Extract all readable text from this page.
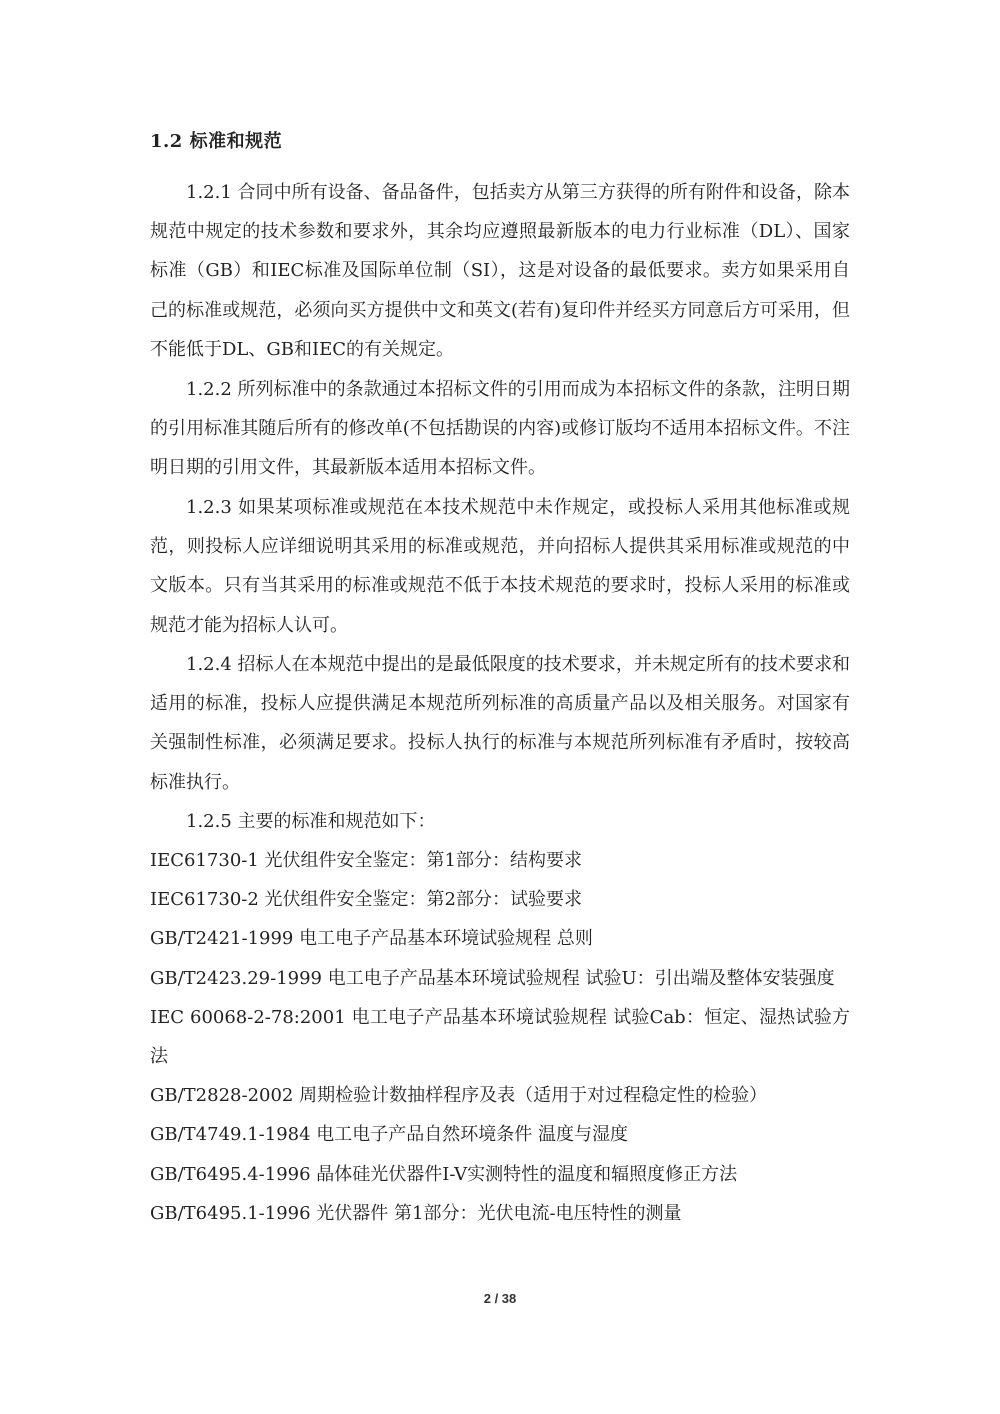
1.2 标准和规范

1.2.1 合同中所有设备、备品备件，包括卖方从第三方获得的所有附件和设备，除本规范中规定的技术参数和要求外，其余均应遵照最新版本的电力行业标准（DL）、国家标准（GB）和IEC标准及国际单位制（SI），这是对设备的最低要求。卖方如果采用自己的标准或规范，必须向买方提供中文和英文(若有)复印件并经买方同意后方可采用，但不能低于DL、GB和IEC的有关规定。

1.2.2 所列标准中的条款通过本招标文件的引用而成为本招标文件的条款，注明日期的引用标准其随后所有的修改单(不包括勘误的内容)或修订版均不适用本招标文件。不注明日期的引用文件，其最新版本适用本招标文件。

1.2.3 如果某项标准或规范在本技术规范中未作规定，或投标人采用其他标准或规范，则投标人应详细说明其采用的标准或规范，并向招标人提供其采用标准或规范的中文版本。只有当其采用的标准或规范不低于本技术规范的要求时，投标人采用的标准或规范才能为招标人认可。

1.2.4 招标人在本规范中提出的是最低限度的技术要求，并未规定所有的技术要求和适用的标准，投标人应提供满足本规范所列标准的高质量产品以及相关服务。对国家有关强制性标准，必须满足要求。投标人执行的标准与本规范所列标准有矛盾时，按较高标准执行。

1.2.5 主要的标准和规范如下：

IEC61730-1 光伏组件安全鉴定：第1部分：结构要求
IEC61730-2 光伏组件安全鉴定：第2部分：试验要求
GB/T2421-1999 电工电子产品基本环境试验规程 总则
GB/T2423.29-1999 电工电子产品基本环境试验规程 试验U：引出端及整体安装强度
IEC 60068-2-78:2001 电工电子产品基本环境试验规程 试验Cab：恒定、湿热试验方法
GB/T2828-2002 周期检验计数抽样程序及表（适用于对过程稳定性的检验）
GB/T4749.1-1984 电工电子产品自然环境条件 温度与湿度
GB/T6495.4-1996 晶体硅光伏器件I-V实测特性的温度和辐照度修正方法
GB/T6495.1-1996 光伏器件 第1部分：光伏电流-电压特性的测量
2 / 38
